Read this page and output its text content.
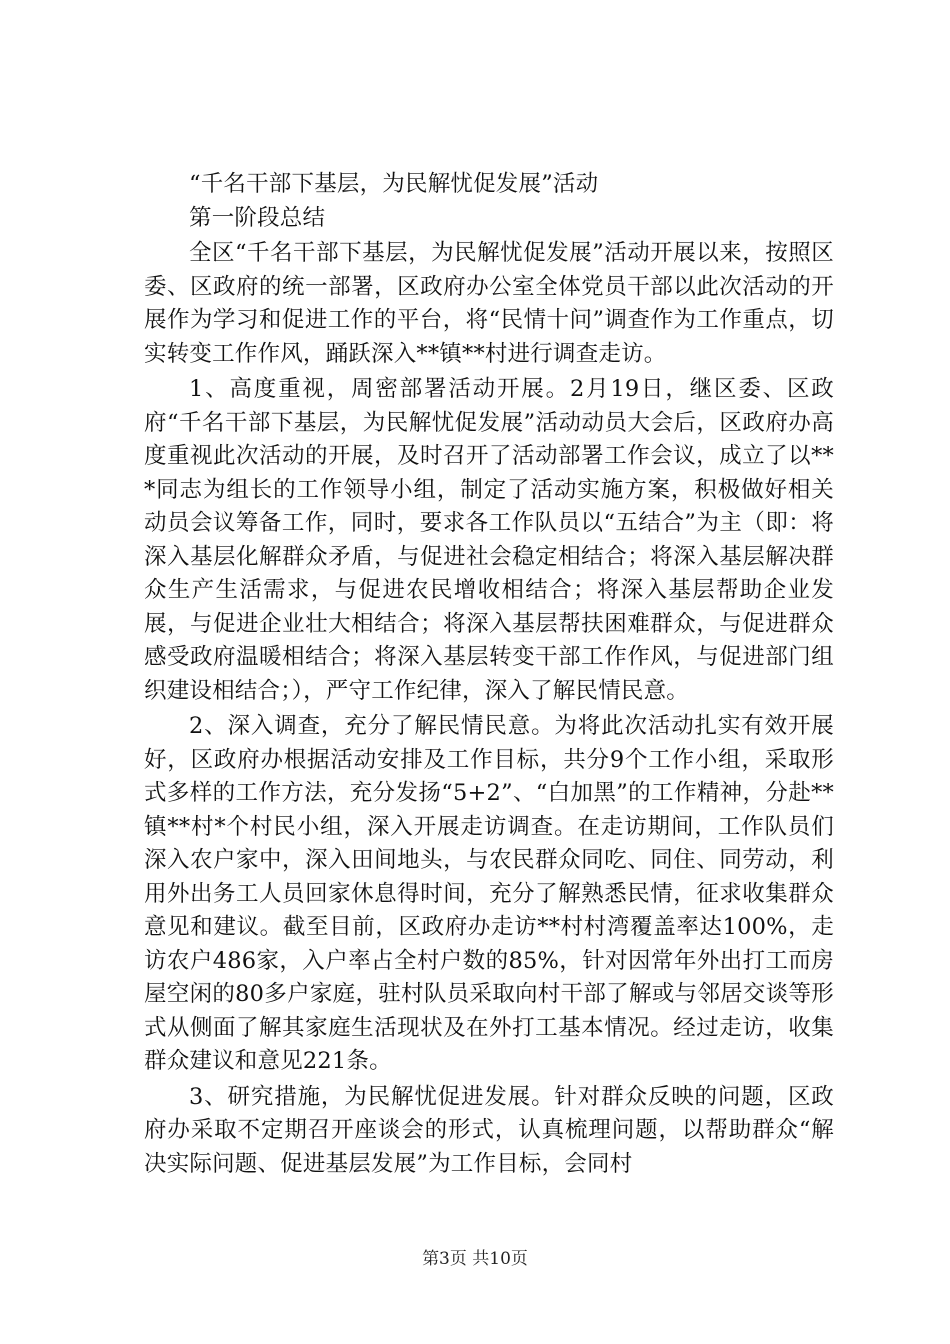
“千名干部下基层，为民解忧促发展”活动

第一阶段总结

全区“千名干部下基层，为民解忧促发展”活动开展以来，按照区委、区政府的统一部署，区政府办公室全体党员干部以此次活动的开展作为学习和促进工作的平台，将“民情十问”调查作为工作重点，切实转变工作作风，踊跃深入**镇**村进行调查走访。

1、高度重视，周密部署活动开展。2月19日，继区委、区政府“千名干部下基层，为民解忧促发展”活动动员大会后，区政府办高度重视此次活动的开展，及时召开了活动部署工作会议，成立了以***同志为组长的工作领导小组，制定了活动实施方案，积极做好相关动员会议筹备工作，同时，要求各工作队员以“五结合”为主（即：将深入基层化解群众矛盾，与促进社会稳定相结合；将深入基层解决群众生产生活需求，与促进农民增收相结合；将深入基层帮助企业发展，与促进企业壮大相结合；将深入基层帮扶困难群众，与促进群众感受政府温暖相结合；将深入基层转变干部工作作风，与促进部门组织建设相结合；），严守工作纪律，深入了解民情民意。

2、深入调查，充分了解民情民意。为将此次活动扎实有效开展好，区政府办根据活动安排及工作目标，共分9个工作小组，采取形式多样的工作方法，充分发扬“5+2”、“白加黑”的工作精神，分赴**镇**村*个村民小组，深入开展走访调查。在走访期间，工作队员们深入农户家中，深入田间地头，与农民群众同吃、同住、同劳动，利用外出务工人员回家休息得时间，充分了解熟悉民情，征求收集群众意见和建议。截至目前，区政府办走访**村村湾覆盖率达100%，走访农户486家，入户率占全村户数的85%，针对因常年外出打工而房屋空闲的80多户家庭，驻村队员采取向村干部了解或与邻居交谈等形式从侧面了解其家庭生活现状及在外打工基本情况。经过走访，收集群众建议和意见221条。

3、研究措施，为民解忧促进发展。针对群众反映的问题，区政府办采取不定期召开座谈会的形式，认真梳理问题，以帮助群众“解决实际问题、促进基层发展”为工作目标，会同村

第3页 共10页
